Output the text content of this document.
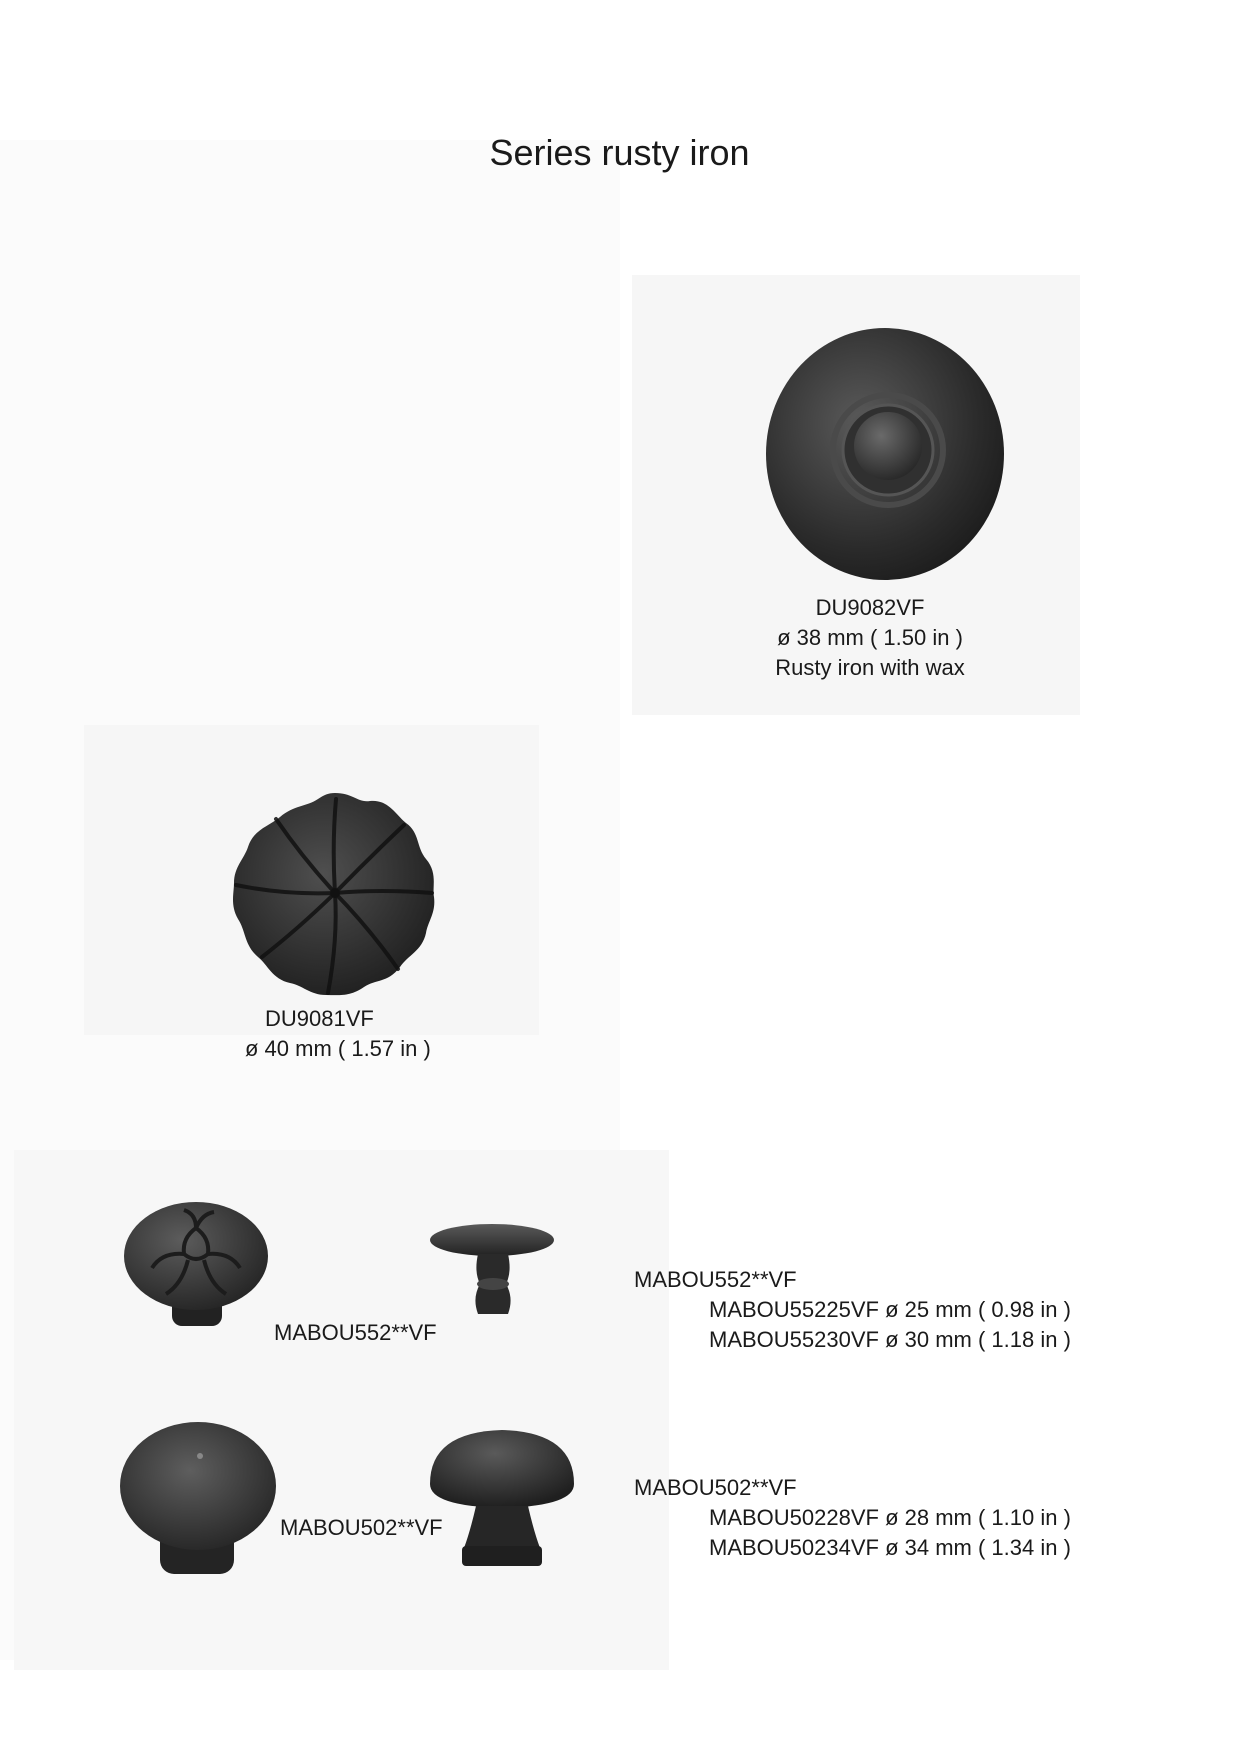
Series rusty iron
DU9082VF
ø 38 mm ( 1.50 in )
Rusty iron with wax
DU9081VF
ø 40 mm ( 1.57 in )
MABOU552**VF
MABOU552**VF
MABOU55225VF ø 25 mm ( 0.98 in )
MABOU55230VF ø 30 mm ( 1.18 in )
MABOU502**VF
MABOU502**VF
MABOU50228VF ø 28 mm ( 1.10 in )
MABOU50234VF ø 34 mm ( 1.34 in )
